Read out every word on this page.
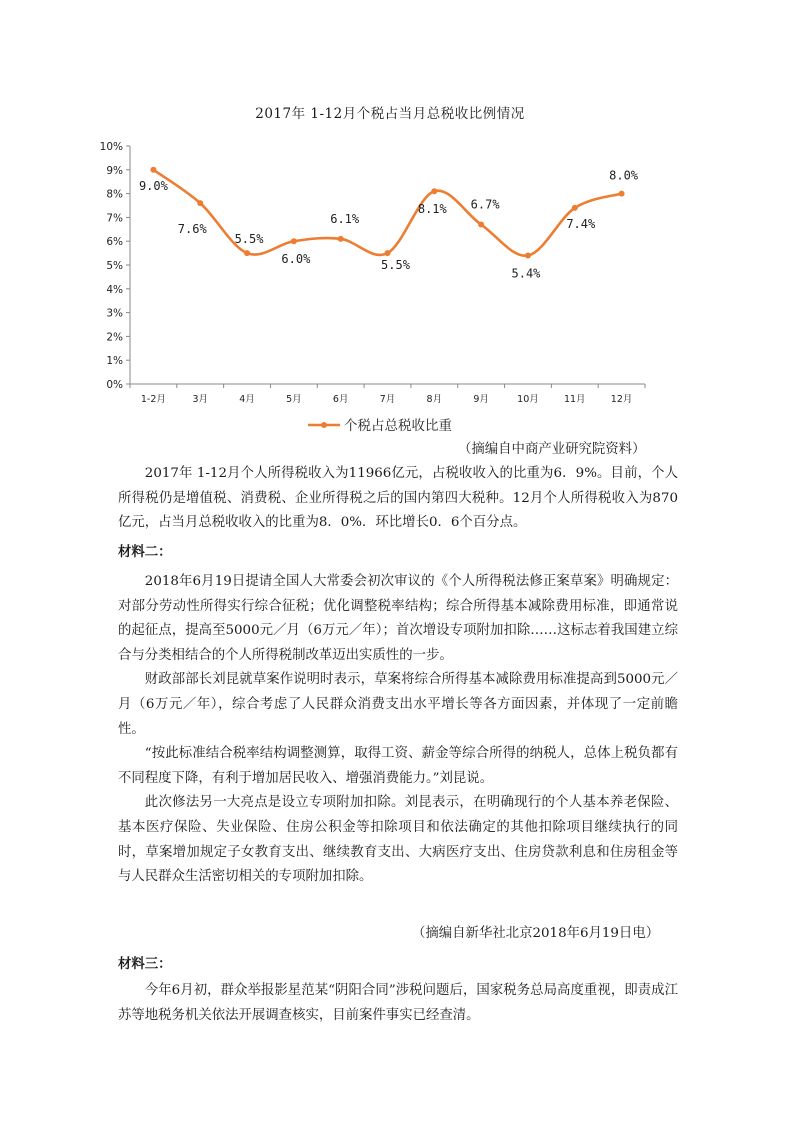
2017年 1-12月个税占当月总税收比例情况
0%
1%
2%
3%
4%
5%
6%
7%
8%
9%
10%
1-2月	3月	4月	5月	6月	7月	8月	9月	10月	11月	12月
9.0%
7.6%
5.5%
6.0%
6.1%
5.5%
8.1% 6.7%
5.4%
7.4%
8.0%
个税占总税收比重
（摘编自中商产业研究院资料）

2017年 1-12月个人所得税收入为11966亿元，占税收收入的比重为6．9%。目前，个人所得税仍是增值税、消费税、企业所得税之后的国内第四大税种。12月个人所得税收入为870亿元，占当月总税收收入的比重为8．0%．环比增长0．6个百分点。

材料二：

2018年6月19日提请全国人大常委会初次审议的《个人所得税法修正案草案》明确规定：对部分劳动性所得实行综合征税；优化调整税率结构；综合所得基本减除费用标准，即通常说的起征点，提高至5000元／月（6万元／年）；首次增设专项附加扣除……这标志着我国建立综合与分类相结合的个人所得税制改革迈出实质性的一步。

财政部部长刘昆就草案作说明时表示，草案将综合所得基本减除费用标准提高到5000元／月（6万元／年），综合考虑了人民群众消费支出水平增长等各方面因素，并体现了一定前瞻性。

“按此标准结合税率结构调整测算，取得工资、薪金等综合所得的纳税人，总体上税负都有不同程度下降，有利于增加居民收入、增强消费能力。”刘昆说。

此次修法另一大亮点是设立专项附加扣除。刘昆表示，在明确现行的个人基本养老保险、基本医疗保险、失业保险、住房公积金等扣除项目和依法确定的其他扣除项目继续执行的同时，草案增加规定子女教育支出、继续教育支出、大病医疗支出、住房贷款利息和住房租金等与人民群众生活密切相关的专项附加扣除。

（摘编自新华社北京2018年6月19日电）
材料三：

今年6月初，群众举报影星范某“阴阳合同”涉税问题后，国家税务总局高度重视，即责成江苏等地税务机关依法开展调查核实，目前案件事实已经查清。
